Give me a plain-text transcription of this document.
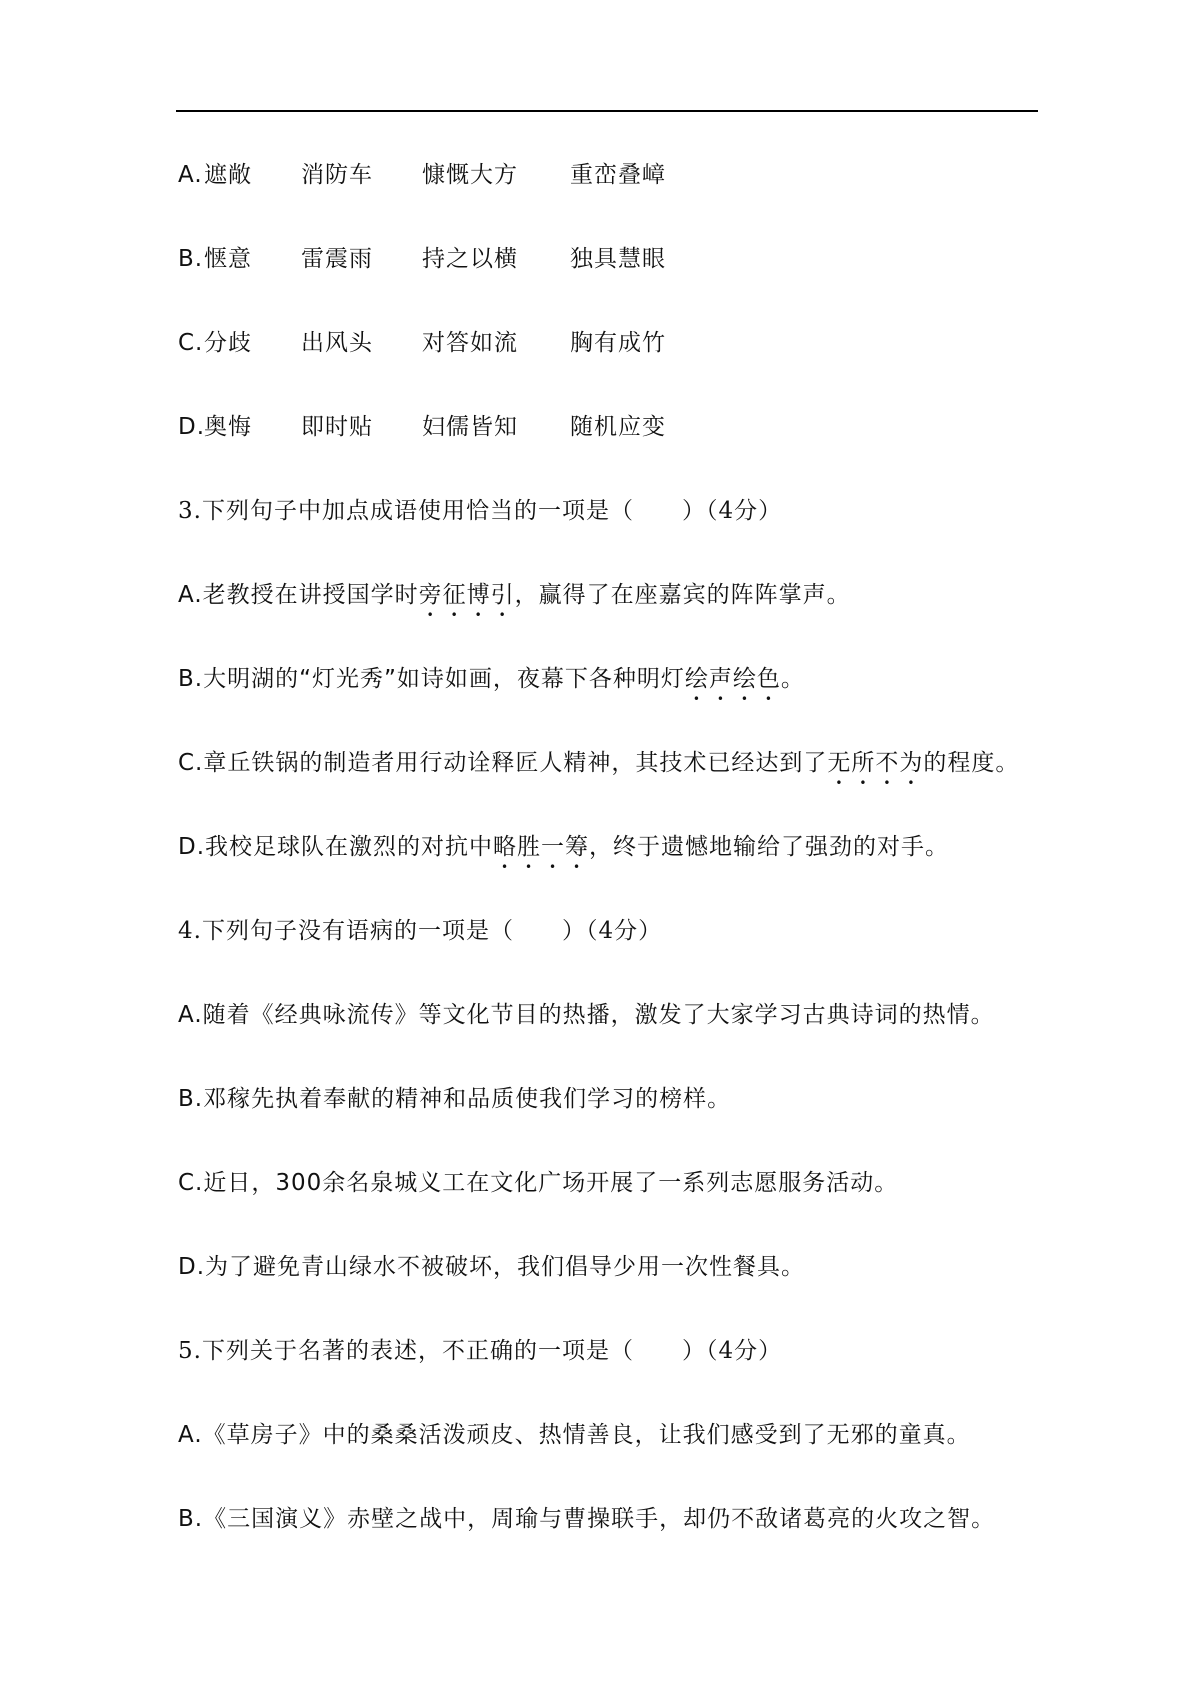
A. 遮敞 消防车 慷慨大方 重峦叠嶂
B. 惬意 雷震雨 持之以横 独具慧眼
C. 分歧 出风头 对答如流 胸有成竹
D.
奥悔 即时贴 妇儒皆知 随机应变
3.下列句子中加点成语使用恰当的一项是（　　）（4分）
A.老教授在讲授国学时旁征博引，赢得了在座嘉宾的阵阵掌声。
B.大明湖的“灯光秀”如诗如画，夜幕下各种明灯绘声绘色。
C.章丘铁锅的制造者用行动诠释匠人精神，其技术已经达到了无所不为的程度。
D.我校足球队在激烈的对抗中略胜一筹，终于遗憾地输给了强劲的对手。
4.下列句子没有语病的一项是（　　）（4分）
A.随着《经典咏流传》等文化节目的热播，激发了大家学习古典诗词的热情。
B.邓稼先执着奉献的精神和品质使我们学习的榜样。
C.近日，300余名泉城义工在文化广场开展了一系列志愿服务活动。
D.为了避免青山绿水不被破坏，我们倡导少用一次性餐具。
5.下列关于名著的表述，不正确的一项是（　　）（4分）
A.《草房子》中的桑桑活泼顽皮、热情善良，让我们感受到了无邪的童真。
B.《三国演义》赤壁之战中，周瑜与曹操联手，却仍不敌诸葛亮的火攻之智。
